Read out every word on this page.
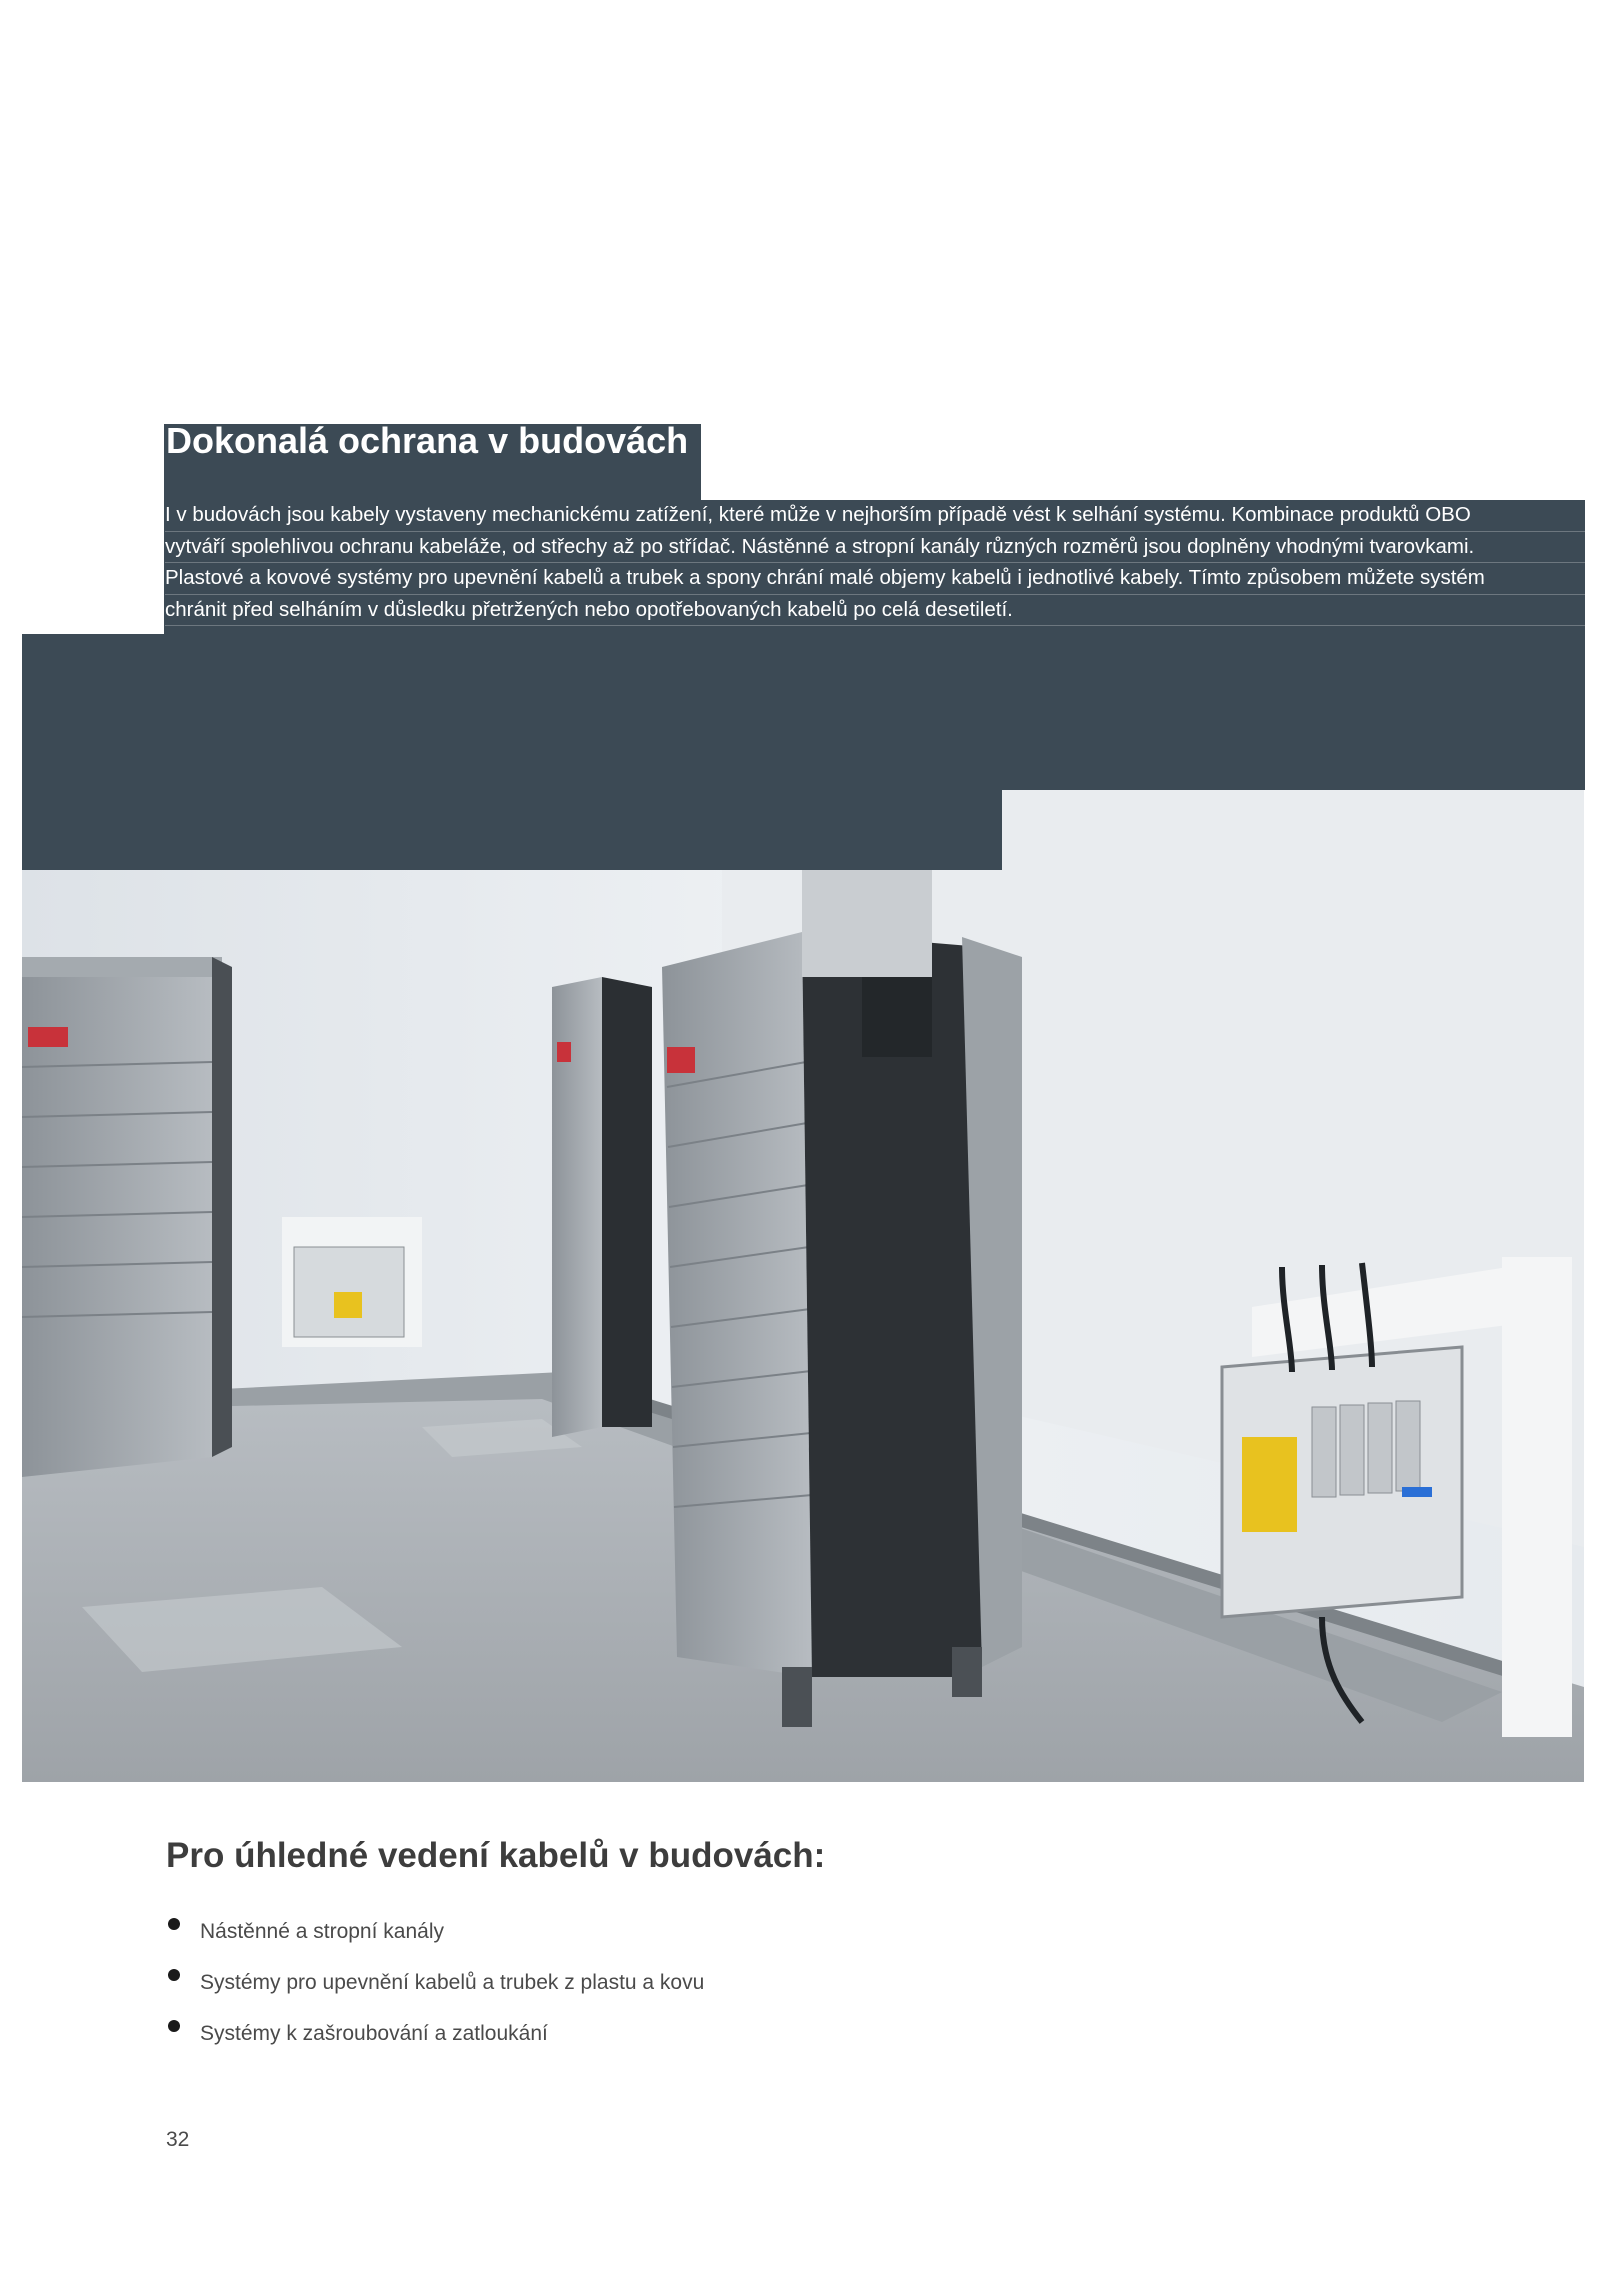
Dokonalá ochrana v budovách
I v budovách jsou kabely vystaveny mechanickému zatížení, které může v nejhorším případě vést k selhání systému. Kombinace produktů OBO
vytváří spolehlivou ochranu kabeláže, od střechy až po střídač. Nástěnné a stropní kanály různých rozměrů jsou doplněny vhodnými tvarovkami.
Plastové a kovové systémy pro upevnění kabelů a trubek a spony chrání malé objemy kabelů i jednotlivé kabely. Tímto způsobem můžete systém
chránit před selháním v důsledku přetržených nebo opotřebovaných kabelů po celá desetiletí.
Pro úhledné vedení kabelů v budovách:
Nástěnné a stropní kanály
Systémy pro upevnění kabelů a trubek z plastu a kovu
Systémy k zašroubování a zatloukání
32
